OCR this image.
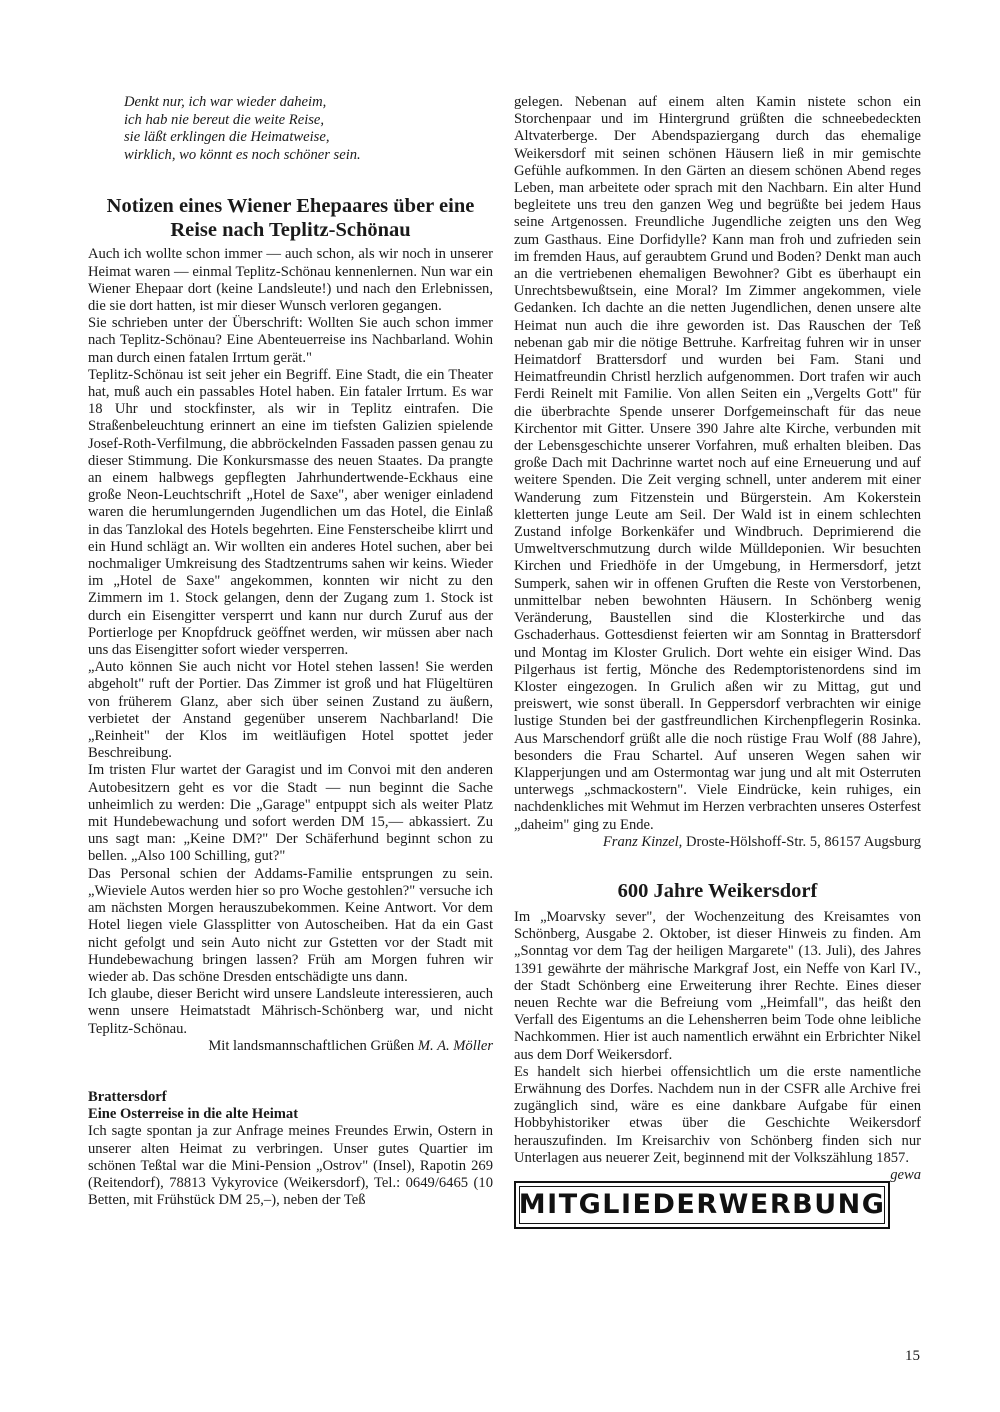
Denkt nur, ich war wieder daheim,
ich hab nie bereut die weite Reise,
sie läßt erklingen die Heimatweise,
wirklich, wo könnt es noch schöner sein.
Notizen eines Wiener Ehepaares über eine
Reise nach Teplitz-Schönau

Auch ich wollte schon immer — auch schon, als wir noch in unserer Heimat waren — einmal Teplitz-Schönau kennenlernen. Nun war ein Wiener Ehepaar dort (keine Landsleute!) und nach den Erlebnissen, die sie dort hatten, ist mir dieser Wunsch verloren gegangen.

Sie schrieben unter der Überschrift: Wollten Sie auch schon immer nach Teplitz-Schönau? Eine Abenteuerreise ins Nachbarland. Wohin man durch einen fatalen Irrtum gerät."

Teplitz-Schönau ist seit jeher ein Begriff. Eine Stadt, die ein Theater hat, muß auch ein passables Hotel haben. Ein fataler Irrtum. Es war 18 Uhr und stockfinster, als wir in Teplitz eintrafen. Die Straßenbeleuchtung erinnert an eine im tiefsten Galizien spielende Josef-Roth-Verfilmung, die abbröckelnden Fassaden passen genau zu dieser Stimmung. Die Konkursmasse des neuen Staates. Da prangte an einem halbwegs gepflegten Jahrhundertwende-Eckhaus eine große Neon-Leuchtschrift „Hotel de Saxe", aber weniger einladend waren die herumlungernden Jugendlichen um das Hotel, die Einlaß in das Tanzlokal des Hotels begehrten. Eine Fensterscheibe klirrt und ein Hund schlägt an. Wir wollten ein anderes Hotel suchen, aber bei nochmaliger Umkreisung des Stadtzentrums sahen wir keins. Wieder im „Hotel de Saxe" angekommen, konnten wir nicht zu den Zimmern im 1. Stock gelangen, denn der Zugang zum 1. Stock ist durch ein Eisengitter versperrt und kann nur durch Zuruf aus der Portierloge per Knopfdruck geöffnet werden, wir müssen aber nach uns das Eisengitter sofort wieder versperren.

„Auto können Sie auch nicht vor Hotel stehen lassen! Sie werden abgeholt" ruft der Portier. Das Zimmer ist groß und hat Flügeltüren von früherem Glanz, aber sich über seinen Zustand zu äußern, verbietet der Anstand gegenüber unserem Nachbarland! Die „Reinheit" der Klos im weitläufigen Hotel spottet jeder Beschreibung.

Im tristen Flur wartet der Garagist und im Convoi mit den anderen Autobesitzern geht es vor die Stadt — nun beginnt die Sache unheimlich zu werden: Die „Garage" entpuppt sich als weiter Platz mit Hundebewachung und sofort werden DM 15,— abkassiert. Zu uns sagt man: „Keine DM?" Der Schäferhund beginnt schon zu bellen. „Also 100 Schilling, gut?"

Das Personal schien der Addams-Familie entsprungen zu sein. „Wieviele Autos werden hier so pro Woche gestohlen?" versuche ich am nächsten Morgen herauszubekommen. Keine Antwort. Vor dem Hotel liegen viele Glassplitter von Autoscheiben. Hat da ein Gast nicht gefolgt und sein Auto nicht zur Gstetten vor der Stadt mit Hundebewachung bringen lassen? Früh am Morgen fuhren wir wieder ab. Das schöne Dresden entschädigte uns dann.

Ich glaube, dieser Bericht wird unsere Landsleute interessieren, auch wenn unsere Heimatstadt Mährisch-Schönberg war, und nicht Teplitz-Schönau.

Mit landsmannschaftlichen Grüßen M. A. Möller

Brattersdorf

Eine Osterreise in die alte Heimat

Ich sagte spontan ja zur Anfrage meines Freundes Erwin, Ostern in unserer alten Heimat zu verbringen. Unser gutes Quartier im schönen Teßtal war die Mini-Pension „Ostrov" (Insel), Rapotin 269 (Reitendorf), 78813 Vykyrovice (Weikersdorf), Tel.: 0649/6465 (10 Betten, mit Frühstück DM 25,–), neben der Teß

gelegen. Nebenan auf einem alten Kamin nistete schon ein Storchenpaar und im Hintergrund grüßten die schneebedeckten Altvaterberge. Der Abendspaziergang durch das ehemalige Weikersdorf mit seinen schönen Häusern ließ in mir gemischte Gefühle aufkommen. In den Gärten an diesem schönen Abend reges Leben, man arbeitete oder sprach mit den Nachbarn. Ein alter Hund begleitete uns treu den ganzen Weg und begrüßte bei jedem Haus seine Artgenossen. Freundliche Jugendliche zeigten uns den Weg zum Gasthaus. Eine Dorfidylle? Kann man froh und zufrieden sein im fremden Haus, auf geraubtem Grund und Boden? Denkt man auch an die vertriebenen ehemaligen Bewohner? Gibt es überhaupt ein Unrechtsbewußtsein, eine Moral? Im Zimmer angekommen, viele Gedanken. Ich dachte an die netten Jugendlichen, denen unsere alte Heimat nun auch die ihre geworden ist. Das Rauschen der Teß nebenan gab mir die nötige Bettruhe. Karfreitag fuhren wir in unser Heimatdorf Brattersdorf und wurden bei Fam. Stani und Heimatfreundin Christl herzlich aufgenommen. Dort trafen wir auch Ferdi Reinelt mit Familie. Von allen Seiten ein „Vergelts Gott" für die überbrachte Spende unserer Dorfgemeinschaft für das neue Kirchentor mit Gitter. Unsere 390 Jahre alte Kirche, verbunden mit der Lebensgeschichte unserer Vorfahren, muß erhalten bleiben. Das große Dach mit Dachrinne wartet noch auf eine Erneuerung und auf weitere Spenden. Die Zeit verging schnell, unter anderem mit einer Wanderung zum Fitzenstein und Bürgerstein. Am Kokerstein kletterten junge Leute am Seil. Der Wald ist in einem schlechten Zustand infolge Borkenkäfer und Windbruch. Deprimierend die Umweltverschmutzung durch wilde Mülldeponien. Wir besuchten Kirchen und Friedhöfe in der Umgebung, in Hermersdorf, jetzt Sumperk, sahen wir in offenen Gruften die Reste von Verstorbenen, unmittelbar neben bewohnten Häusern. In Schönberg wenig Veränderung, Baustellen sind die Klosterkirche und das Gschaderhaus. Gottesdienst feierten wir am Sonntag in Brattersdorf und Montag im Kloster Grulich. Dort wehte ein eisiger Wind. Das Pilgerhaus ist fertig, Mönche des Redemptoristenordens sind im Kloster eingezogen. In Grulich aßen wir zu Mittag, gut und preiswert, wie sonst überall. In Geppersdorf verbrachten wir einige lustige Stunden bei der gastfreundlichen Kirchenpflegerin Rosinka. Aus Marschendorf grüßt alle die noch rüstige Frau Wolf (88 Jahre), besonders die Frau Schartel. Auf unseren Wegen sahen wir Klapperjungen und am Ostermontag war jung und alt mit Osterruten unterwegs „schmackostern". Viele Eindrücke, kein ruhiges, ein nachdenkliches mit Wehmut im Herzen verbrachten unseres Osterfest „daheim" ging zu Ende.

Franz Kinzel, Droste-Hölshoff-Str. 5, 86157 Augsburg

600 Jahre Weikersdorf

Im „Moarvsky sever", der Wochenzeitung des Kreisamtes von Schönberg, Ausgabe 2. Oktober, ist dieser Hinweis zu finden. Am „Sonntag vor dem Tag der heiligen Margarete" (13. Juli), des Jahres 1391 gewährte der mährische Markgraf Jost, ein Neffe von Karl IV., der Stadt Schönberg eine Erweiterung ihrer Rechte. Eines dieser neuen Rechte war die Befreiung vom „Heimfall", das heißt den Verfall des Eigentums an die Lehensherren beim Tode ohne leibliche Nachkommen. Hier ist auch namentlich erwähnt ein Erbrichter Nikel aus dem Dorf Weikersdorf.

Es handelt sich hierbei offensichtlich um die erste namentliche Erwähnung des Dorfes. Nachdem nun in der CSFR alle Archive frei zugänglich sind, wäre es eine dankbare Aufgabe für einen Hobbyhistoriker etwas über die Geschichte Weikersdorf herauszufinden. Im Kreisarchiv von Schönberg finden sich nur Unterlagen aus neuerer Zeit, beginnend mit der Volkszählung 1857.
gewa

MITGLIEDERWERBUNG
15
